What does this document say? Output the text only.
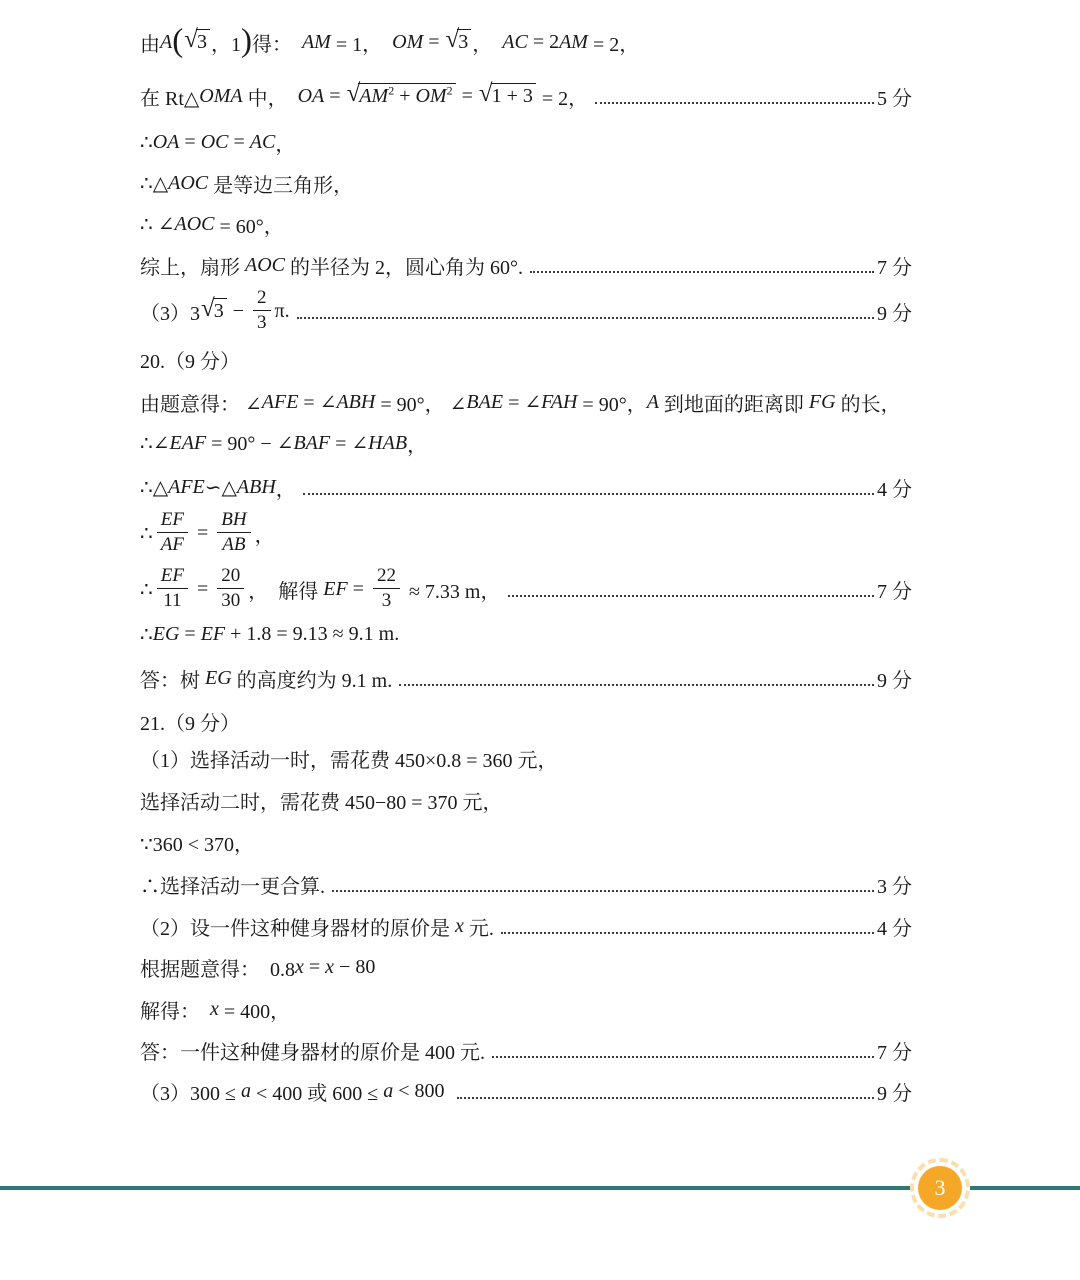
由 A ( √ 3 ，1 ) 得： AM = 1， OM = √ 3 ， AC = 2 AM = 2，
在 Rt△ OMA 中， OA = √ $AM^2 + OM^2$ = √ 1 + 3 = 2，	5 分
∴ OA = OC = AC ，
∴△ AOC 是等边三角形，
∴ ∠ AOC = 60°，
综上，扇形 AOC 的半径为 2，圆心角为 60°.	7 分
（3）3 √ $3 - \frac{2}{3} \pi$.	9 分
20.（9 分）
由题意得： ∠ AFE = ∠ ABH = 90°， ∠ BAE = ∠ FAH = 90°， A 到地面的距离即 FG 的长，
∴∠ EAF = 90° − ∠ BAF = ∠ HAB ，
∴△ AFE ∽△ ABH ，	4 分
∴ $\frac{EF}{AF} = \frac{BH}{AB}$ ，
∴ $\frac{EF}{11} = \frac{20}{30}$ ，  解得 EF = $\frac{22}{3} \approx 7.33$ m，	7 分
∴ EG = EF + 1.8 = 9.13 ≈ 9.1 m.
答：树 EG 的高度约为 9.1 m.	9 分
21.（9 分）
（1）选择活动一时，需花费 450×0.8 = 360 元，
选择活动二时，需花费 450−80 = 370 元，
∵360 < 370，
∴选择活动一更合算.	3 分
（2）设一件这种健身器材的原价是 x 元.	4 分
根据题意得：  0.8 x = x − 80
解得： x = 400，
答：一件这种健身器材的原价是 400 元.	7 分
（3）300 ≤ a < 400 或 600 ≤ a < 800	9 分
3
